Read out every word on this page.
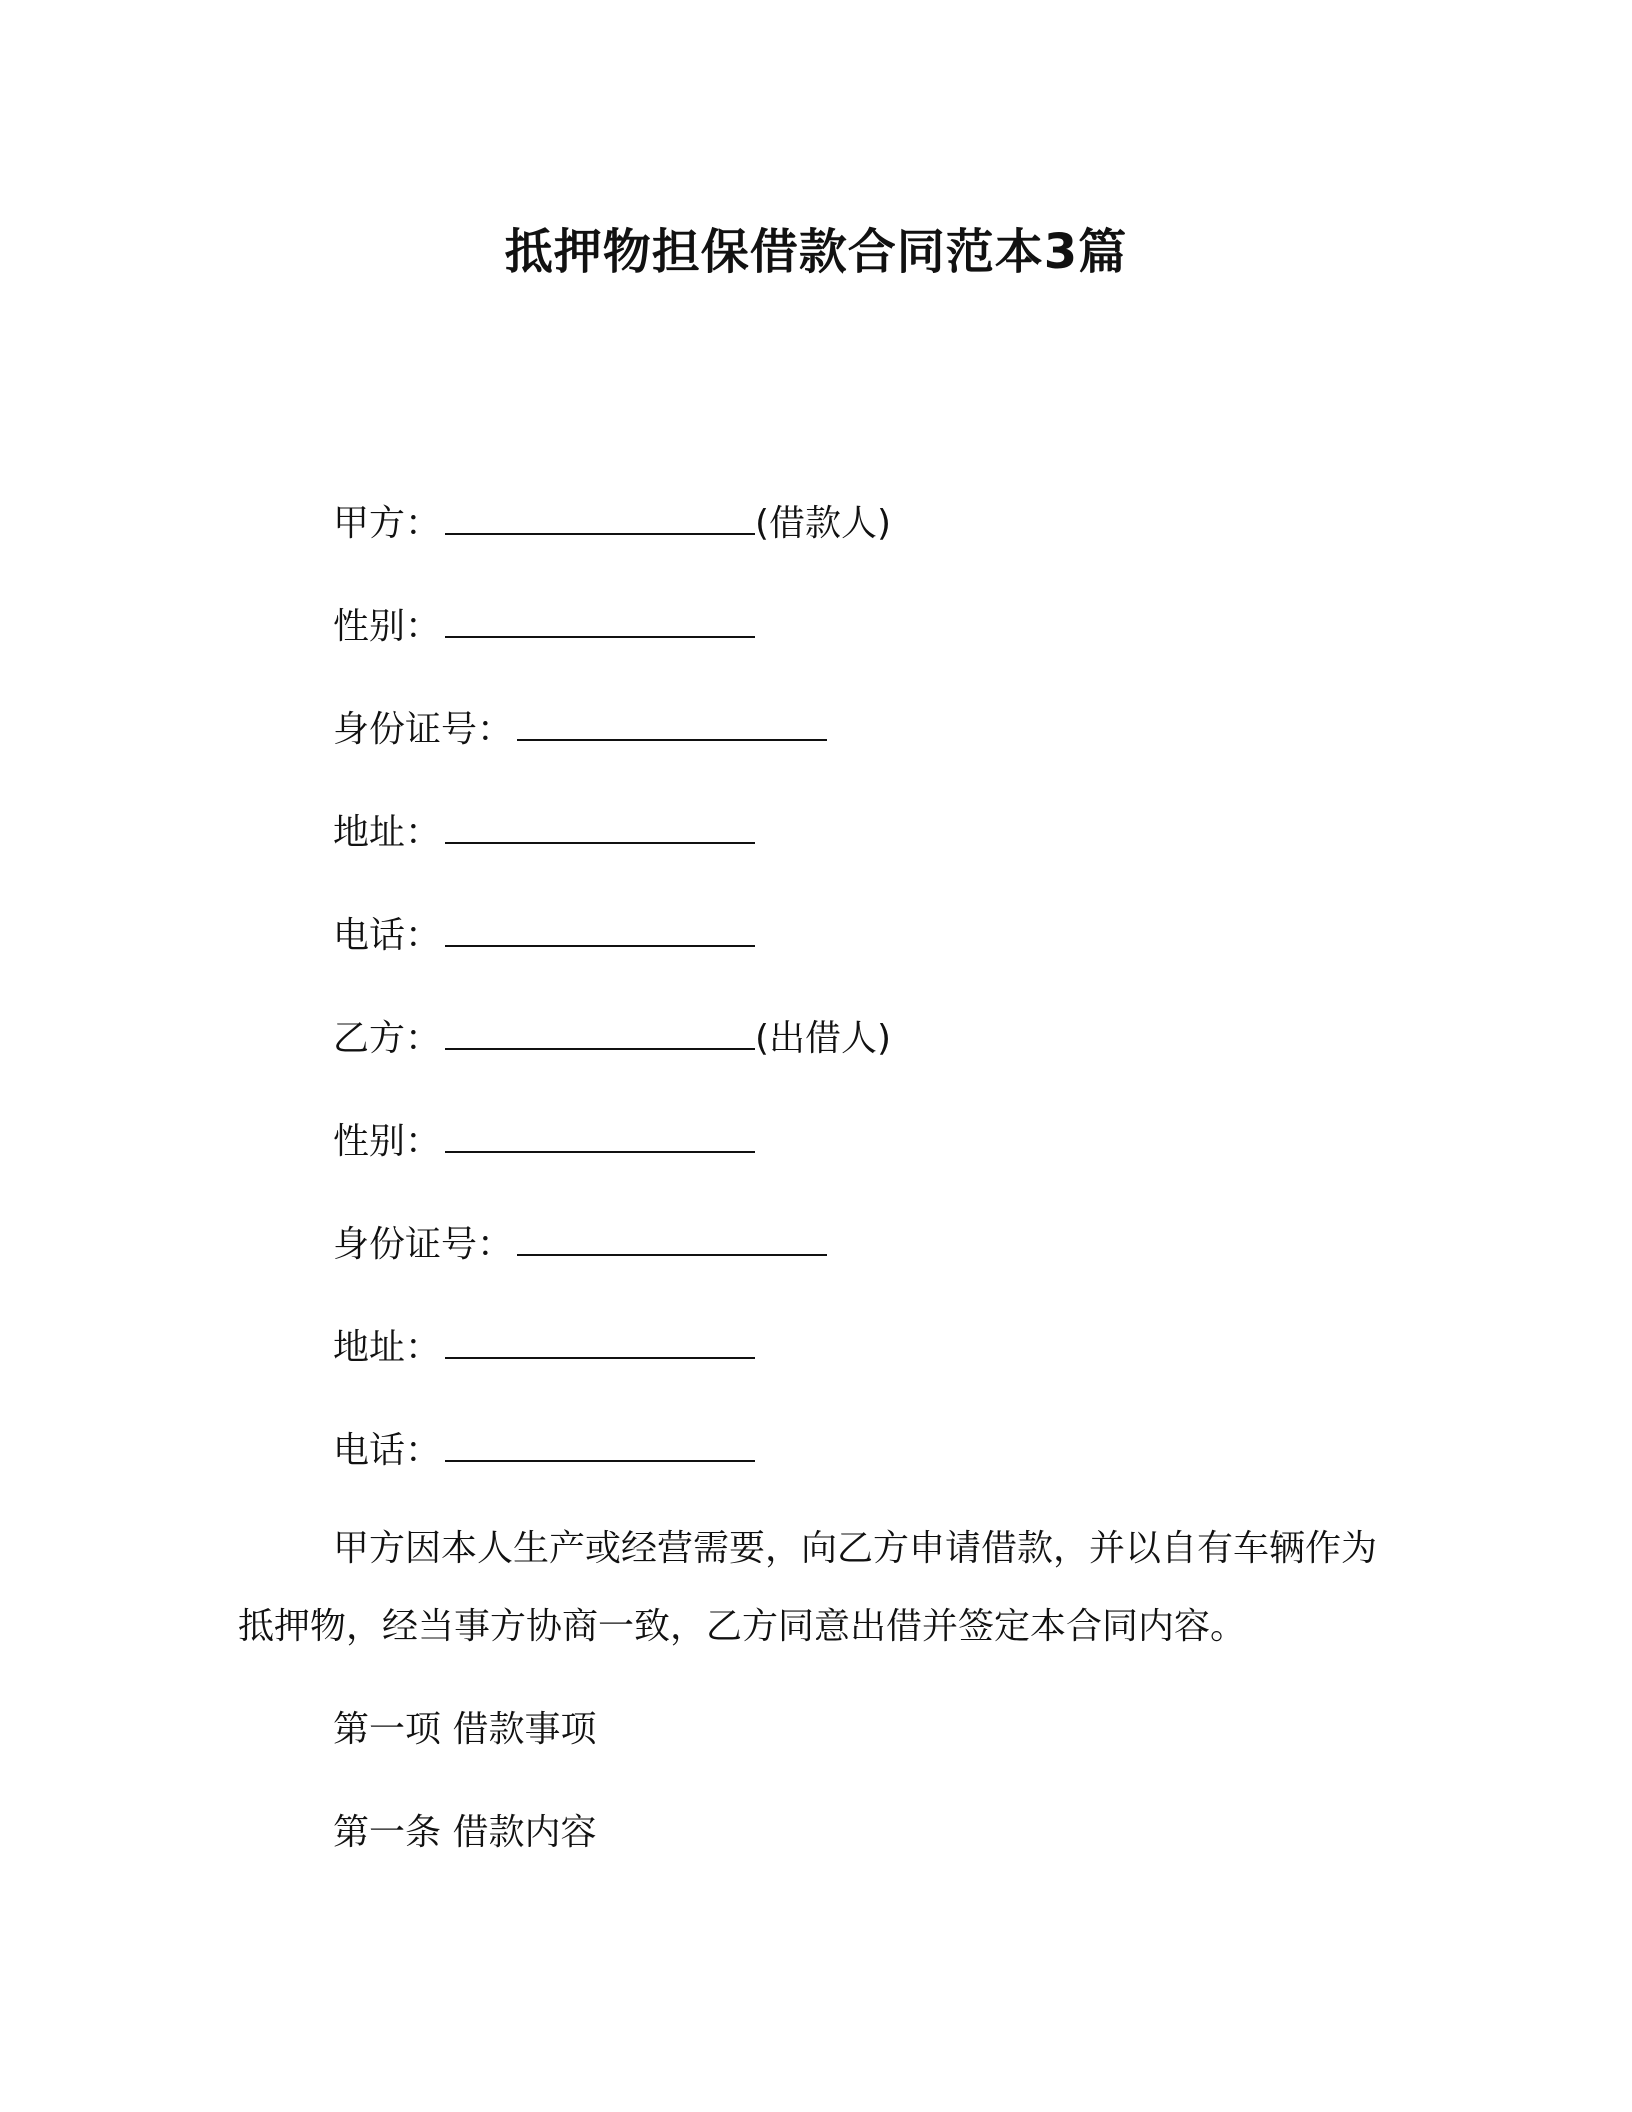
抵押物担保借款合同范本3篇
甲方：	(借款人)
性别：
身份证号：
地址：
电话：
乙方：	(出借人)
性别：
身份证号：
地址：
电话：
甲方因本人生产或经营需要，向乙方申请借款，并以自有车辆作为抵押物，经当事方协商一致，乙方同意出借并签定本合同内容。
第一项 借款事项
第一条 借款内容
